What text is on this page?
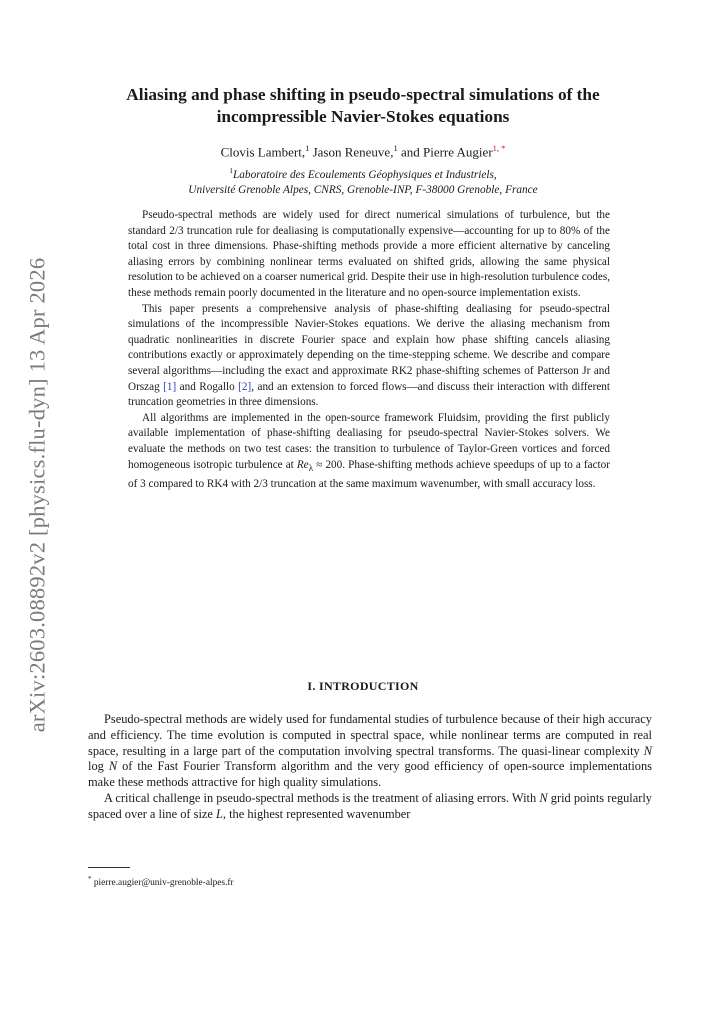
arXiv:2603.08892v2 [physics.flu-dyn] 13 Apr 2026
Aliasing and phase shifting in pseudo-spectral simulations of the
incompressible Navier-Stokes equations
Clovis Lambert,$^1$ Jason Reneuve,$^1$ and Pierre Augier$^{1, *}$
$^1$Laboratoire des Ecoulements Géophysiques et Industriels,
Université Grenoble Alpes, CNRS, Grenoble-INP, F-38000 Grenoble, France

Pseudo-spectral methods are widely used for direct numerical simulations of turbulence, but the standard 2/3 truncation rule for dealiasing is computationally expensive—accounting for up to 80% of the total cost in three dimensions. Phase-shifting methods provide a more efficient alternative by canceling aliasing errors by combining nonlinear terms evaluated on shifted grids, allowing the same physical resolution to be achieved on a coarser numerical grid. Despite their use in high-resolution turbulence codes, these methods remain poorly documented in the literature and no open-source implementation exists.

This paper presents a comprehensive analysis of phase-shifting dealiasing for pseudo-spectral simulations of the incompressible Navier-Stokes equations. We derive the aliasing mechanism from quadratic nonlinearities in discrete Fourier space and explain how phase shifting cancels aliasing contributions exactly or approximately depending on the time-stepping scheme. We describe and compare several algorithms—including the exact and approximate RK2 phase-shifting schemes of Patterson Jr and Orszag [1] and Rogallo [2], and an extension to forced flows—and discuss their interaction with different truncation geometries in three dimensions.

All algorithms are implemented in the open-source framework Fluidsim, providing the first publicly available implementation of phase-shifting dealiasing for pseudo-spectral Navier-Stokes solvers. We evaluate the methods on two test cases: the transition to turbulence of Taylor-Green vortices and forced homogeneous isotropic turbulence at $Re_\lambda \approx 200$. Phase-shifting methods achieve speedups of up to a factor of 3 compared to RK4 with 2/3 truncation at the same maximum wavenumber, with small accuracy loss.

I. INTRODUCTION

Pseudo-spectral methods are widely used for fundamental studies of turbulence because of their high accuracy and efficiency. The time evolution is computed in spectral space, while nonlinear terms are computed in real space, resulting in a large part of the computation involving spectral transforms. The quasi-linear complexity N log N of the Fast Fourier Transform algorithm and the very good efficiency of open-source implementations make these methods attractive for high quality simulations.

A critical challenge in pseudo-spectral methods is the treatment of aliasing errors. With N grid points regularly spaced over a line of size L, the highest represented wavenumber

* pierre.augier@univ-grenoble-alpes.fr
